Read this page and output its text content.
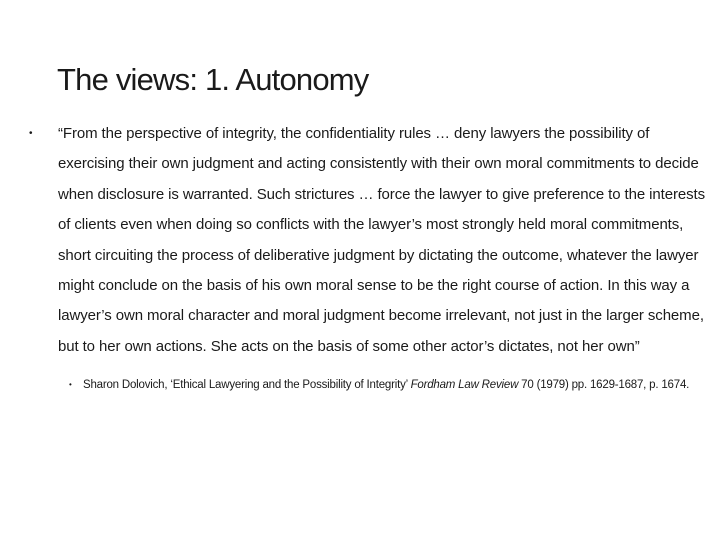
The views: 1. Autonomy
• “From the perspective of integrity, the confidentiality rules … deny lawyers the possibility of exercising their own judgment and acting consistently with their own moral commitments to decide when disclosure is warranted. Such strictures … force the lawyer to give preference to the interests of clients even when doing so conflicts with the lawyer’s most strongly held moral commitments, short circuiting the process of deliberative judgment by dictating the outcome, whatever the lawyer might conclude on the basis of his own moral sense to be the right course of action. In this way a lawyer’s own moral character and moral judgment become irrelevant, not just in the larger scheme, but to her own actions. She acts on the basis of some other actor’s dictates, not her own”

• Sharon Dolovich, ‘Ethical Lawyering and the Possibility of Integrity’ Fordham Law Review 70 (1979) pp. 1629-1687, p. 1674.
